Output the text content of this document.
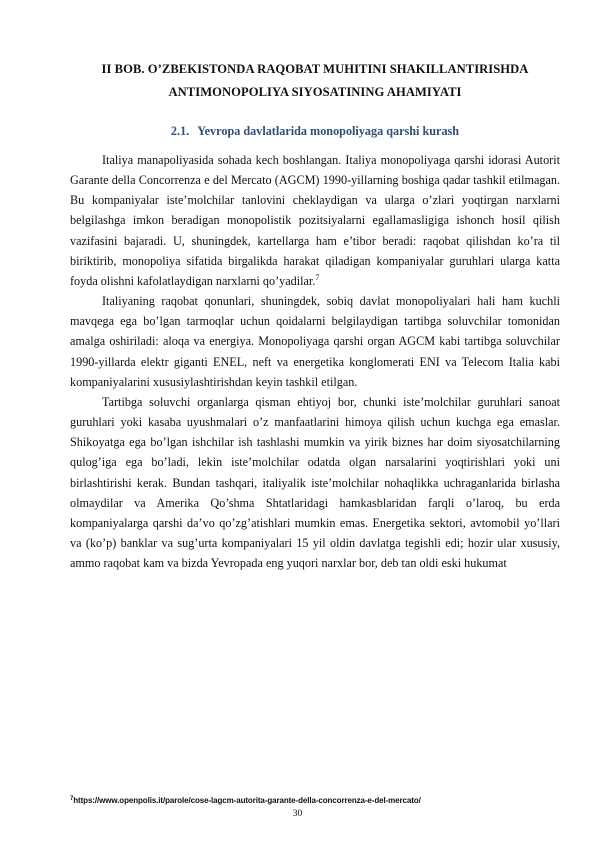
II BOB. O’ZBEKISTONDA RAQOBAT MUHITINI SHAKILLANTIRISHDA
ANTIMONOPOLIYA SIYOSATINING AHAMIYATI
2.1. Yevropa davlatlarida monopoliyaga qarshi kurash

Italiya manapoliyasida sohada kech boshlangan. Italiya monopoliyaga qarshi idorasi Autorit Garante della Concorrenza e del Mercato (AGCM) 1990-yillarning boshiga qadar tashkil etilmagan. Bu kompaniyalar iste’molchilar tanlovini cheklaydigan va ularga o’zlari yoqtirgan narxlarni belgilashga imkon beradigan monopolistik pozitsiyalarni egallamasligiga ishonch hosil qilish vazifasini bajaradi. U, shuningdek, kartellarga ham e’tibor beradi: raqobat qilishdan ko’ra til biriktirib, monopoliya sifatida birgalikda harakat qiladigan kompaniyalar guruhlari ularga katta foyda olishni kafolatlaydigan narxlarni qo’yadilar.$^7$

Italiyaning raqobat qonunlari, shuningdek, sobiq davlat monopoliyalari hali ham kuchli mavqega ega bo’lgan tarmoqlar uchun qoidalarni belgilaydigan tartibga soluvchilar tomonidan amalga oshiriladi: aloqa va energiya. Monopoliyaga qarshi organ AGCM kabi tartibga soluvchilar 1990-yillarda elektr giganti ENEL, neft va energetika konglomerati ENI va Telecom Italia kabi kompaniyalarini xususiylashtirishdan keyin tashkil etilgan.

Tartibga soluvchi organlarga qisman ehtiyoj bor, chunki iste’molchilar guruhlari sanoat guruhlari yoki kasaba uyushmalari o’z manfaatlarini himoya qilish uchun kuchga ega emaslar. Shikoyatga ega bo’lgan ishchilar ish tashlashi mumkin va yirik biznes har doim siyosatchilarning qulog’iga ega bo’ladi, lekin iste’molchilar odatda olgan narsalarini yoqtirishlari yoki uni birlashtirishi kerak. Bundan tashqari, italiyalik iste’molchilar nohaqlikka uchraganlarida birlasha olmaydilar va Amerika Qo’shma Shtatlaridagi hamkasblaridan farqli o’laroq, bu erda kompaniyalarga qarshi da’vo qo’zg’atishlari mumkin emas. Energetika sektori, avtomobil yo’llari va (ko’p) banklar va sug’urta kompaniyalari 15 yil oldin davlatga tegishli edi; hozir ular xususiy, ammo raqobat kam va bizda Yevropada eng yuqori narxlar bor, deb tan oldi eski hukumat

$^7$https://www.openpolis.it/parole/cose-lagcm-autorita-garante-della-concorrenza-e-del-mercato/
30
